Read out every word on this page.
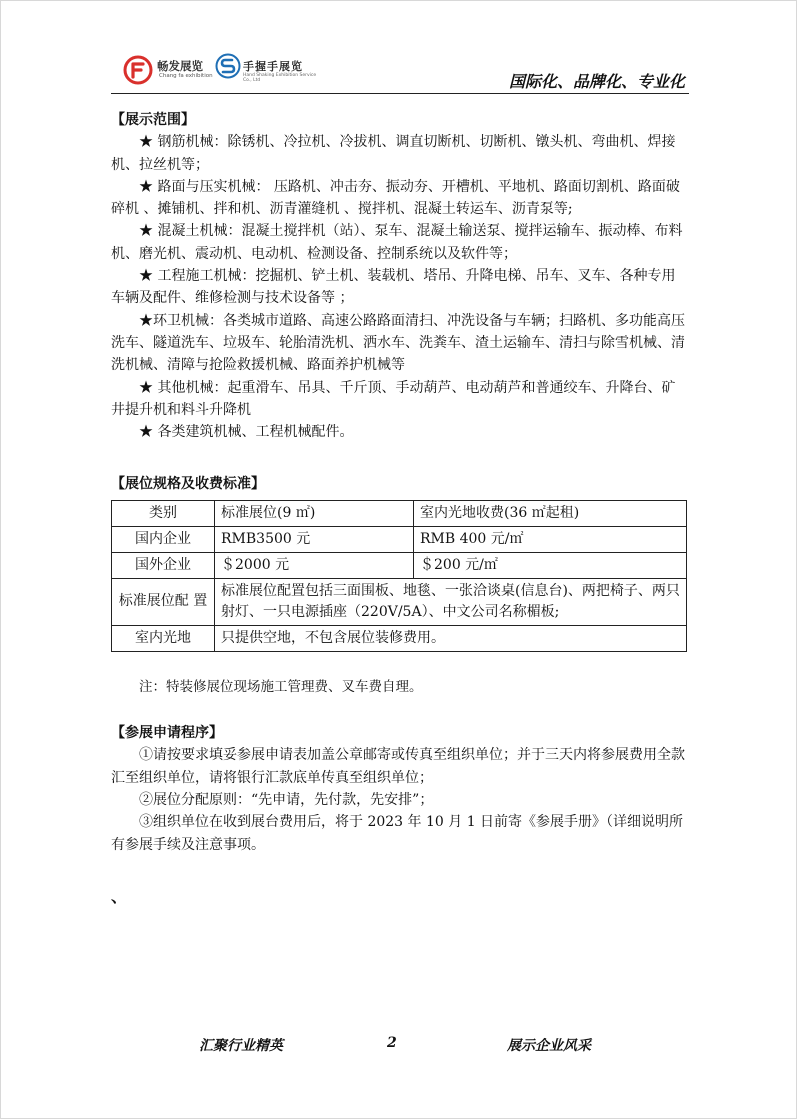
畅发展览
Chang fa exhibition
手握手展览
Hand Shaking Exhibition Service Co., Ltd	国际化、品牌化、专业化
【展示范围】
★ 钢筋机械：除锈机、冷拉机、冷拔机、调直切断机、切断机、镦头机、弯曲机、焊接机、拉丝机等；
★ 路面与压实机械： 压路机、冲击夯、振动夯、开槽机、平地机、路面切割机、路面破碎机 、摊铺机、拌和机、沥青灌缝机 、搅拌机、混凝土转运车、沥青泵等;
★ 混凝土机械：混凝土搅拌机（站）、泵车、混凝土输送泵、搅拌运输车、振动棒、布料机、磨光机、震动机、电动机、检测设备、控制系统以及软件等；
★ 工程施工机械：挖掘机、铲土机、装载机、塔吊、升降电梯、吊车、叉车、各种专用车辆及配件、维修检测与技术设备等 ；
★环卫机械：各类城市道路、高速公路路面清扫、冲洗设备与车辆；扫路机、多功能高压洗车、隧道洗车、垃圾车、轮胎清洗机、洒水车、洗粪车、渣土运输车、清扫与除雪机械、清洗机械、清障与抢险救援机械、路面养护机械等
★ 其他机械：起重滑车、吊具、千斤顶、手动葫芦、电动葫芦和普通绞车、升降台、矿井提升机和料斗升降机
★ 各类建筑机械、工程机械配件。
【展位规格及收费标准】
类别	标准展位(9 ㎡)	室内光地收费(36 ㎡起租)
国内企业	RMB3500 元	RMB 400 元/㎡
国外企业	＄2000 元	＄200 元/㎡
标准展位配 置	标准展位配置包括三面围板、地毯、一张洽谈桌(信息台)、两把椅子、两只射灯、一只电源插座（220V/5A）、中文公司名称楣板;	
室内光地	只提供空地，不包含展位装修费用。	
注：特装修展位现场施工管理费、叉车费自理。
【参展申请程序】
①请按要求填妥参展申请表加盖公章邮寄或传真至组织单位；并于三天内将参展费用全款汇至组织单位，请将银行汇款底单传真至组织单位；
②展位分配原则：“先申请，先付款，先安排”；
③组织单位在收到展台费用后，将于 2023 年 10 月 1 日前寄《参展手册》（详细说明所有参展手续及注意事项。
、
汇聚行业精英	2	展示企业风采
